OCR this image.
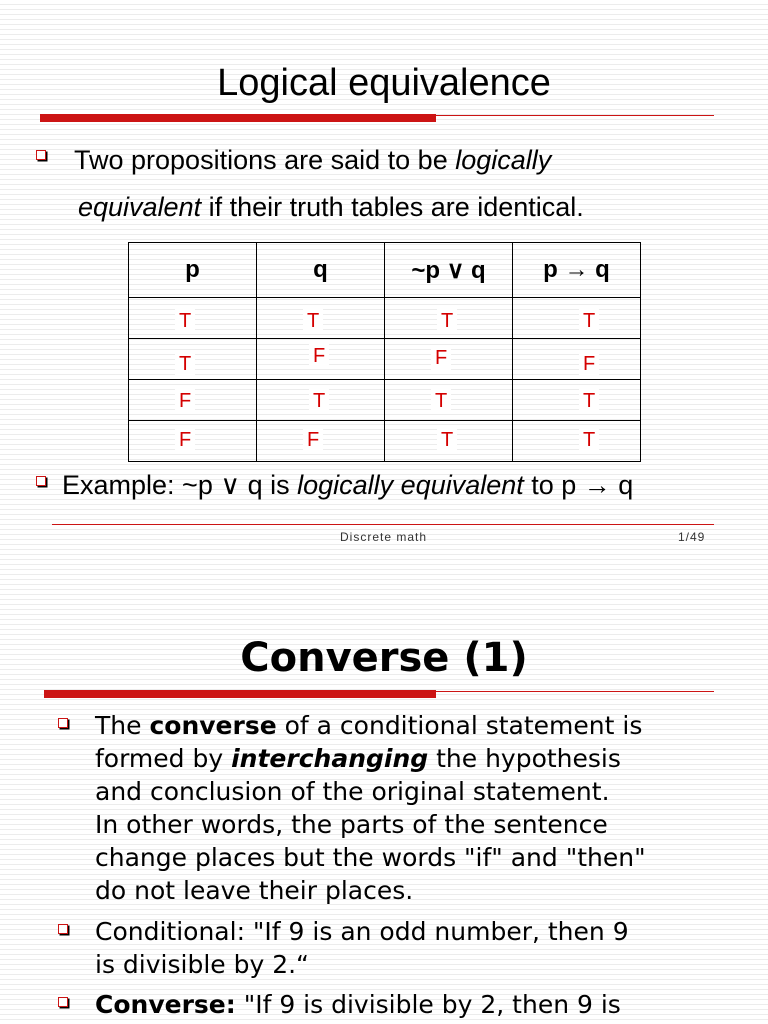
Logical equivalence
Two propositions are said to be logically
equivalent if their truth tables are identical.
p	q	~p ∨ q	p → q

T	T	T	T

T	F	F	F

F	T	T	T

F	F	T	T
Example: ~p ∨ q is logically equivalent to p → q
Discrete math	1/49
Converse (1)
The converse of a conditional statement is
formed by interchanging the hypothesis
and conclusion of the original statement.
In other words, the parts of the sentence
change places but the words "if" and "then"
do not leave their places.
Conditional: "If 9 is an odd number, then 9
is divisible by 2.“
Converse: "If 9 is divisible by 2, then 9 is
